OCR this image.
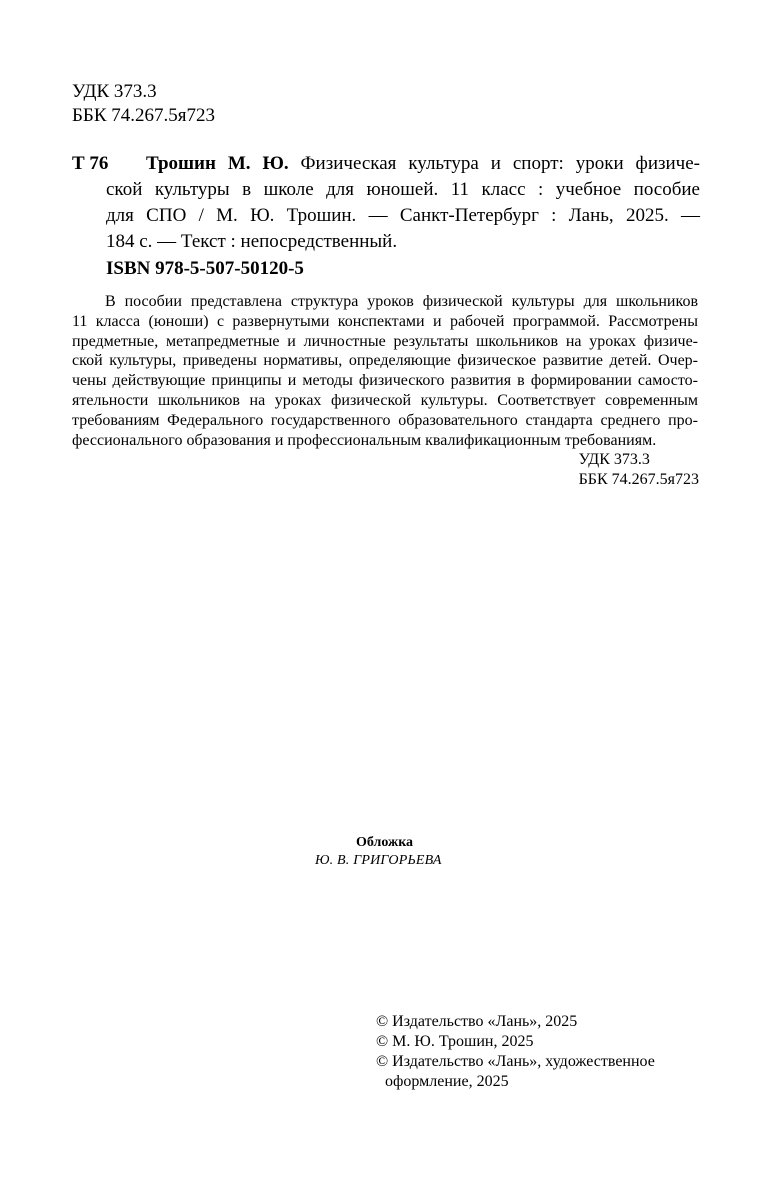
УДК 373.3
ББК 74.267.5я723
Т 76	Трошин М. Ю. Физическая культура и спорт: уроки физиче-
ской культуры в школе для юношей. 11 класс : учебное пособие
для СПО / М. Ю. Трошин. — Санкт-Петербург : Лань, 2025. —
184 с. — Текст : непосредственный.
ISBN 978-5-507-50120-5
В пособии представлена структура уроков физической культуры для школьников
11 класса (юноши) с развернутыми конспектами и рабочей программой. Рассмотрены
предметные, метапредметные и личностные результаты школьников на уроках физиче-
ской культуры, приведены нормативы, определяющие физическое развитие детей. Очер-
чены действующие принципы и методы физического развития в формировании самосто-
ятельности школьников на уроках физической культуры. Соответствует современным
требованиям Федерального государственного образовательного стандарта среднего про-
фессионального образования и профессиональным квалификационным требованиям.
УДК 373.3
ББК 74.267.5я723
Обложка
Ю. В. ГРИГОРЬЕВА
© Издательство «Лань», 2025
© М. Ю. Трошин, 2025
© Издательство «Лань», художественное
оформление, 2025
